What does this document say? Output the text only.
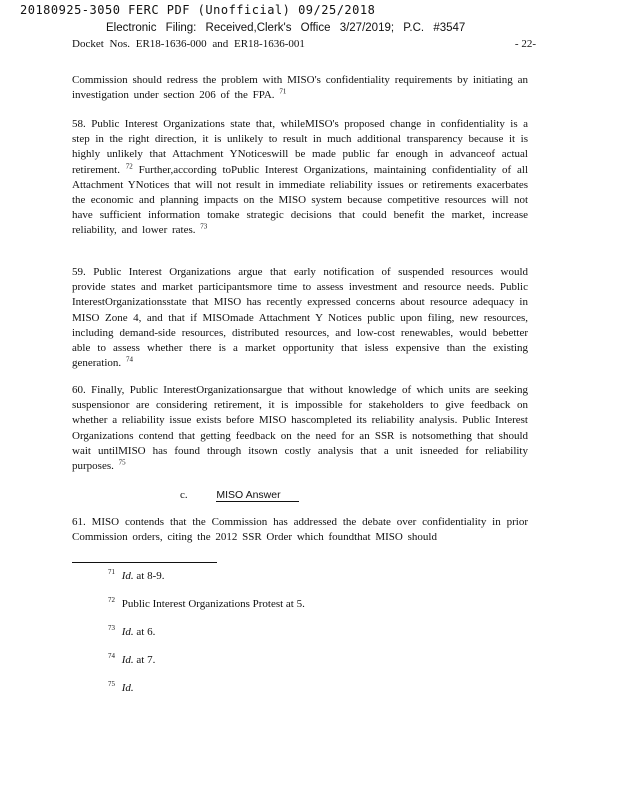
20180925-3050 FERC PDF (Unofficial) 09/25/2018
Electronic Filing: Received,Clerk's Office 3/27/2019; P.C. #3547
Docket Nos. ER18-1636-000 and ER18-1636-001	- 22-

Commission should redress the problem with MISO's confidentiality requirements by initiating an investigation under section 206 of the FPA. $^{71}$

58. Public Interest Organizations state that, whileMISO's proposed change in confidentiality is a step in the right direction, it is unlikely to result in much additional transparency because it is highly unlikely that Attachment YNoticeswill be made public far enough in advanceof actual retirement. $^{72}$ Further,according toPublic Interest Organizations, maintaining confidentiality of all Attachment YNotices that will not result in immediate reliability issues or retirements exacerbates the economic and planning impacts on the MISO system because competitive resources will not have sufficient information tomake strategic decisions that could benefit the market, increase reliability, and lower rates. $^{73}$

59. Public Interest Organizations argue that early notification of suspended resources would provide states and market participantsmore time to assess investment and resource needs. Public InterestOrganizationsstate that MISO has recently expressed concerns about resource adequacy in MISO Zone 4, and that if MISOmade Attachment Y Notices public upon filing, new resources, including demand-side resources, distributed resources, and low-cost renewables, would bebetter able to assess whether there is a market opportunity that isless expensive than the existing generation. $^{74}$

60. Finally, Public InterestOrganizationsargue that without knowledge of which units are seeking suspensionor are considering retirement, it is impossible for stakeholders to give feedback on whether a reliability issue exists before MISO hascompleted its reliability analysis. Public Interest Organizations contend that getting feedback on the need for an SSR is notsomething that should wait untilMISO has found through itsown costly analysis that a unit isneeded for reliability purposes. $^{75}$

c.	MISO Answer

61. MISO contends that the Commission has addressed the debate over confidentiality in prior Commission orders, citing the 2012 SSR Order which foundthat MISO should

$^{71}$ Id. at 8-9.
$^{72}$ Public Interest Organizations Protest at 5.
$^{73}$ Id. at 6.
$^{74}$ Id. at 7.
$^{75}$ Id.
